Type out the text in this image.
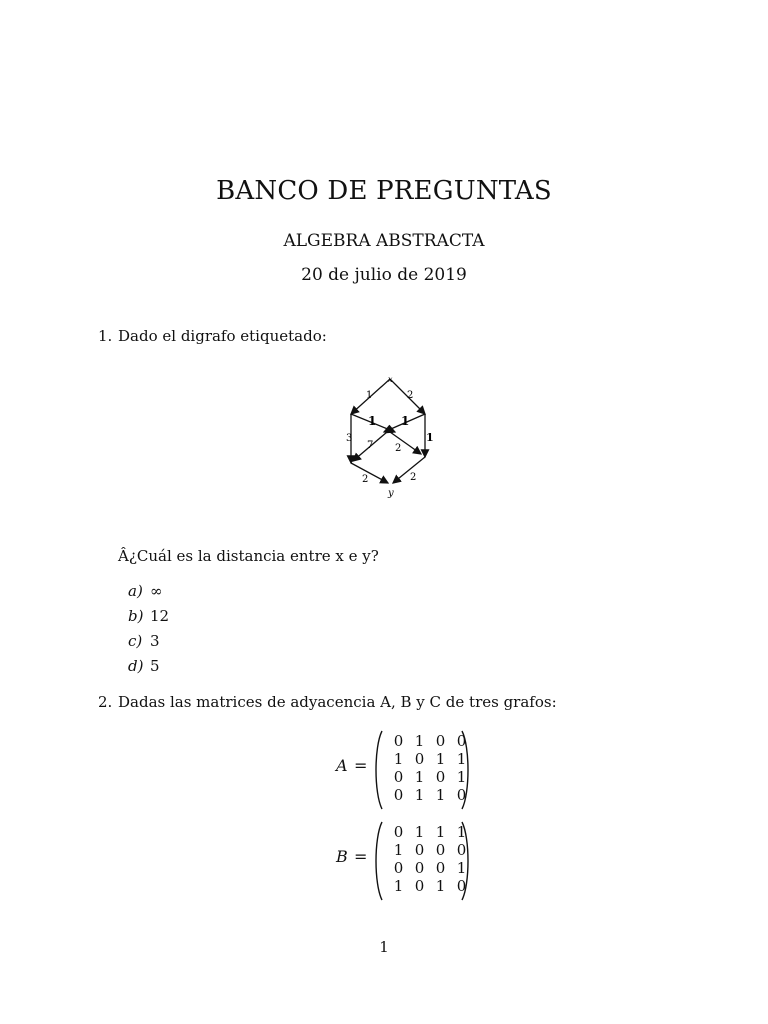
BANCO DE PREGUNTAS
ALGEBRA ABSTRACTA
20 de julio de 2019
1. Dado el digrafo etiquetado:
x
y
1	2
1 1
3	1
7 2
2	2
Â¿Cuál es la distancia entre x e y?
a) ∞
b) 12
c) 3
d) 5
2. Dadas las matrices de adyacencia A, B y C de tres grafos:
A =
0 1 0 0
1 0 1 1
0 1 0 1
0 1 1 0
B =
0 1 1 1
1 0 0 0
0 0 0 1
1 0 1 0
1
